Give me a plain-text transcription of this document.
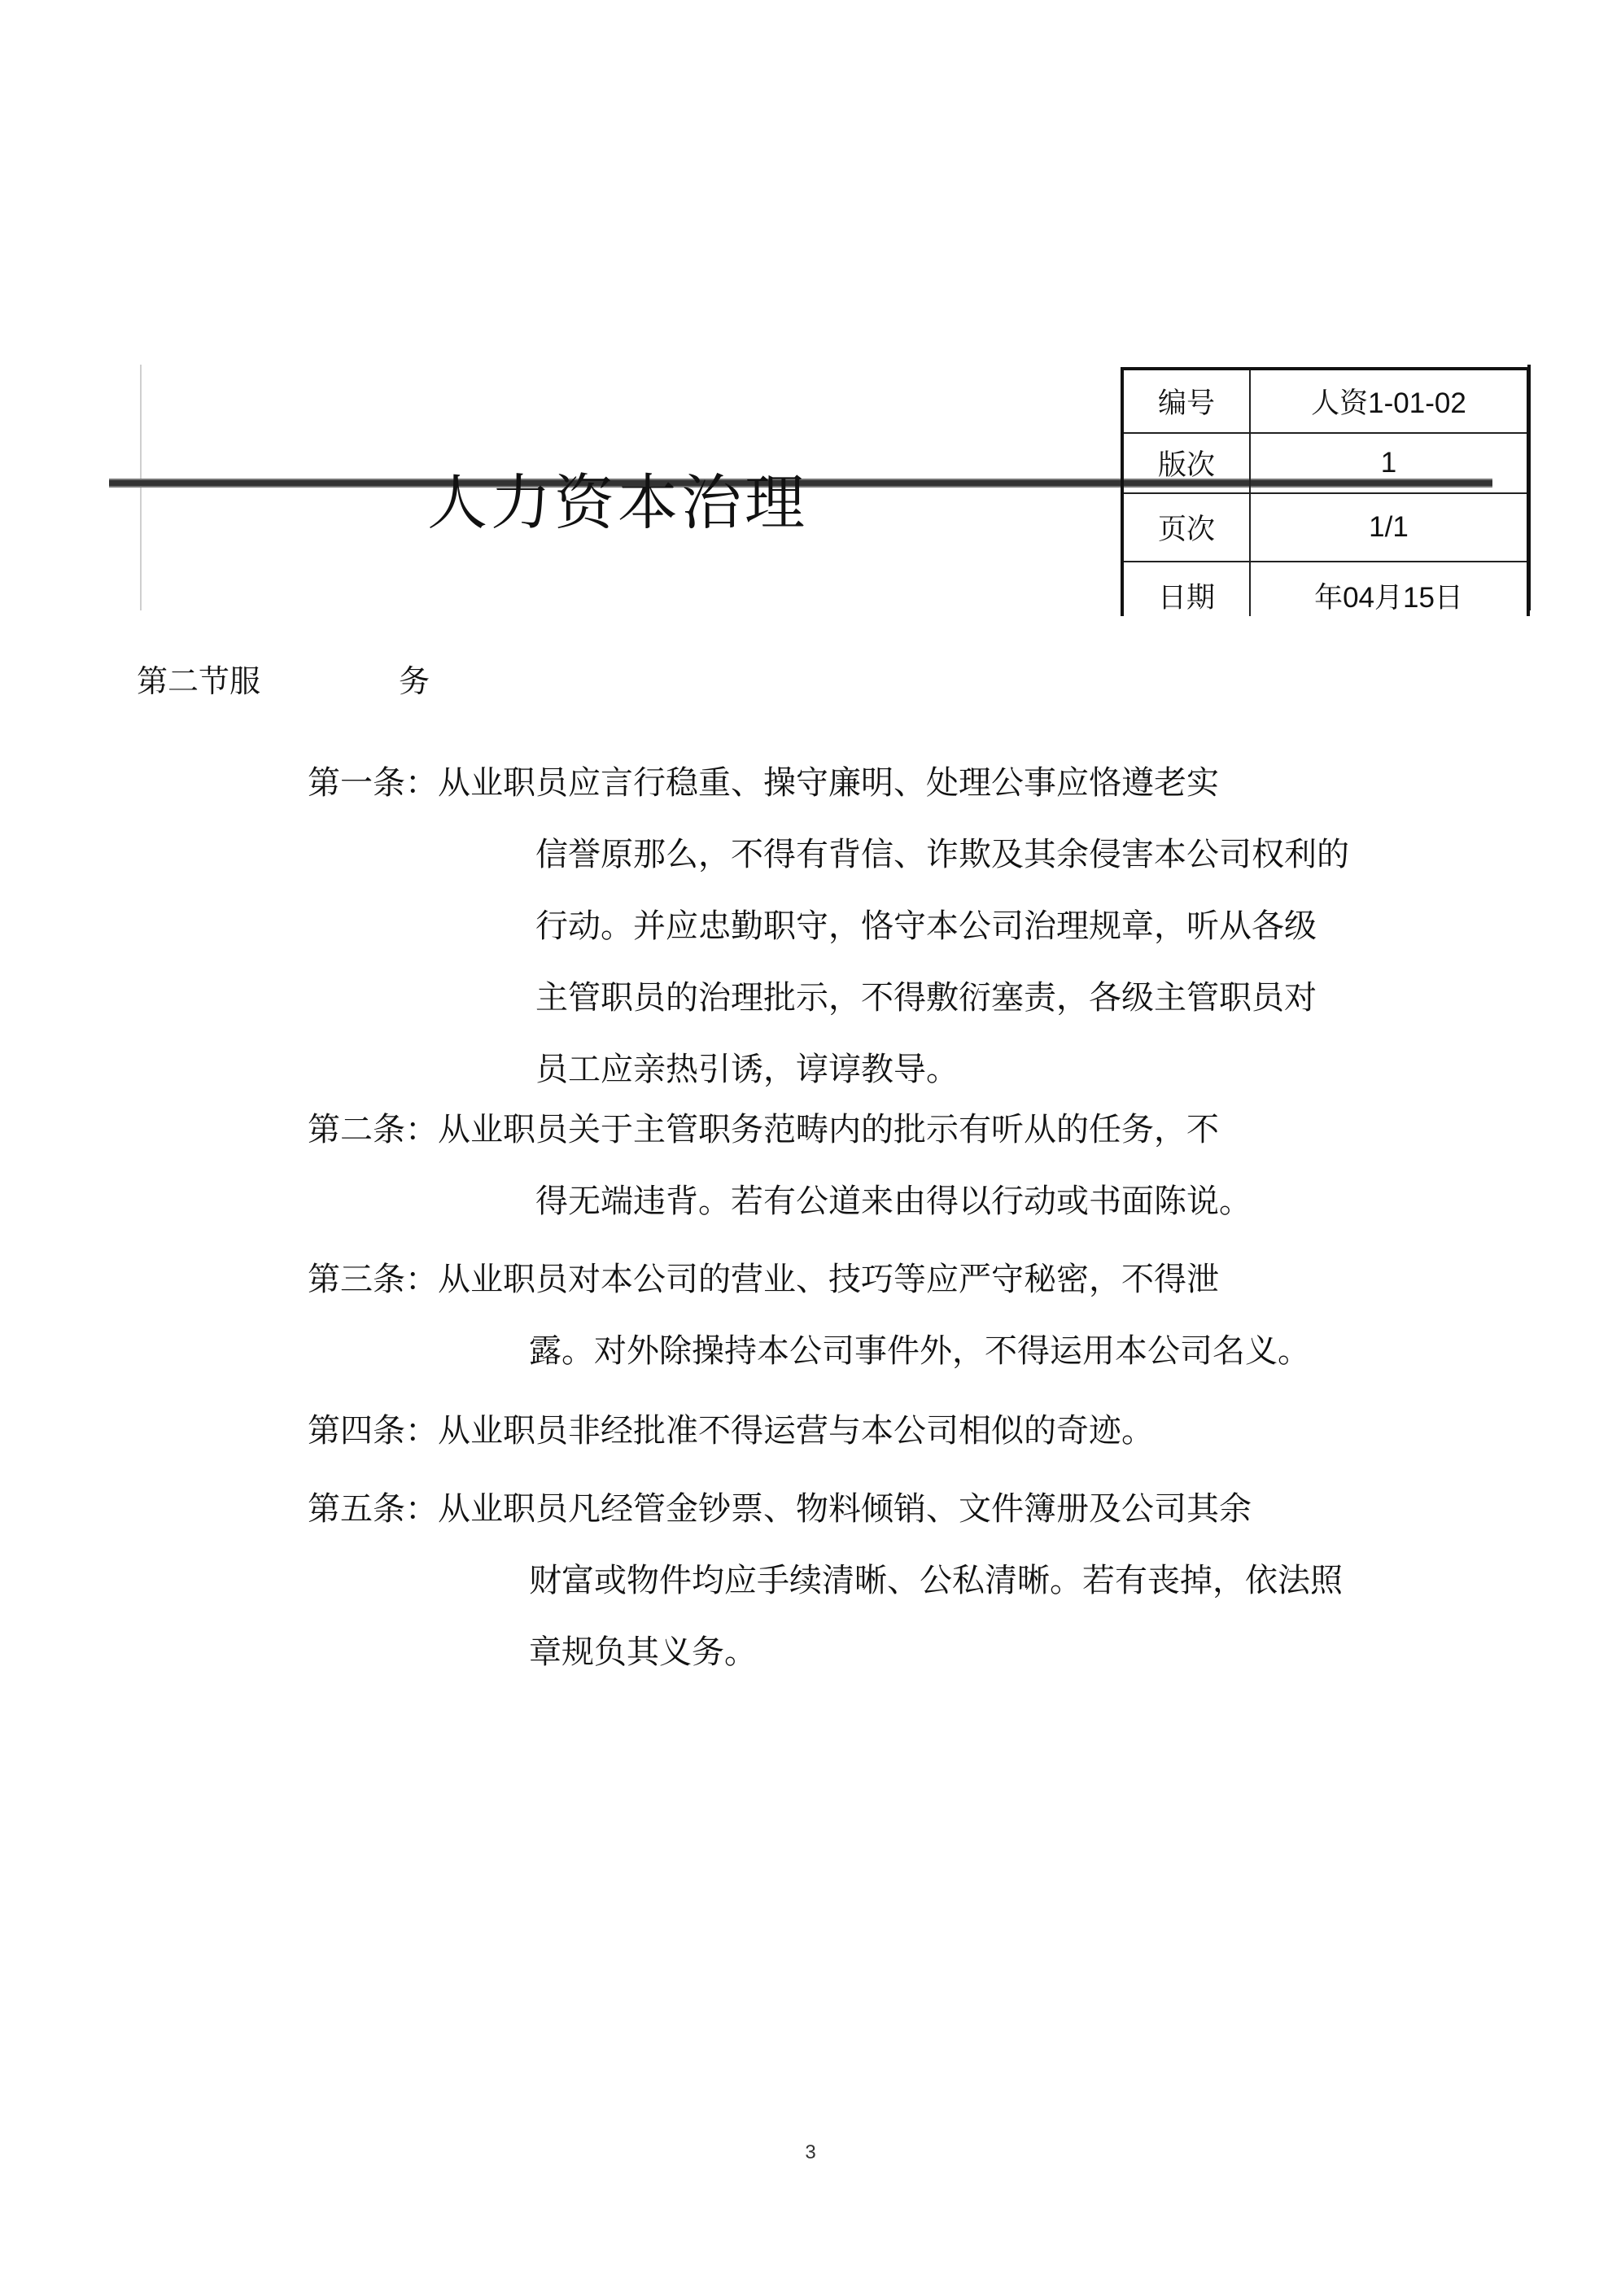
人力资本治理
编号	人资1-01-02
版次	1
页次	1/1
日期	年04月15日
第二节服	务
第一条：从业职员应言行稳重、操守廉明、处理公事应恪遵老实
信誉原那么，不得有背信、诈欺及其余侵害本公司权利的
行动。并应忠勤职守，恪守本公司治理规章，听从各级
主管职员的治理批示，不得敷衍塞责，各级主管职员对
员工应亲热引诱，谆谆教导。
第二条：从业职员关于主管职务范畴内的批示有听从的任务，不
得无端违背。若有公道来由得以行动或书面陈说。
第三条：从业职员对本公司的营业、技巧等应严守秘密，不得泄
露。对外除操持本公司事件外，不得运用本公司名义。
第四条：从业职员非经批准不得运营与本公司相似的奇迹。
第五条：从业职员凡经管金钞票、物料倾销、文件簿册及公司其余
财富或物件均应手续清晰、公私清晰。若有丧掉，依法照
章规负其义务。
3
